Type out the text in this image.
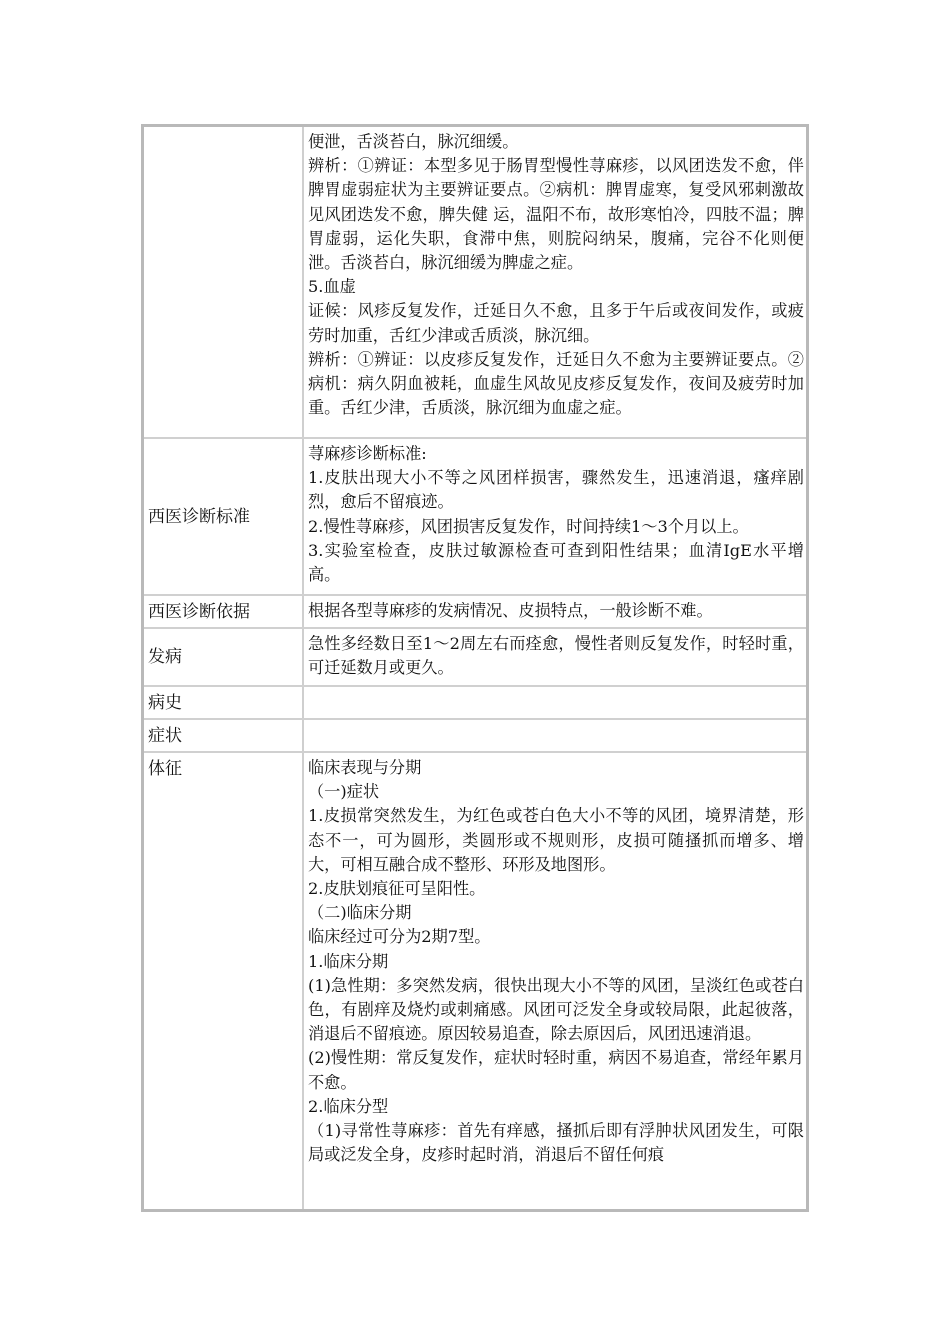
便泄，舌淡苔白，脉沉细缓。

辨析：①辨证：本型多见于肠胃型慢性荨麻疹，以风团迭发不愈，伴脾胃虚弱症状为主要辨证要点。②病机：脾胃虚寒，复受风邪刺激故见风团迭发不愈，脾失健 运，温阳不布，故形寒怕冷，四肢不温；脾胃虚弱，运化失职，食滞中焦，则脘闷纳呆，腹痛，完谷不化则便泄。舌淡苔白，脉沉细缓为脾虚之症。

5.血虚

证候：风疹反复发作，迁延日久不愈，且多于午后或夜间发作，或疲劳时加重，舌红少津或舌质淡，脉沉细。

辨析：①辨证：以皮疹反复发作，迁延日久不愈为主要辨证要点。②病机：病久阴血被耗，血虚生风故见皮疹反复发作，夜间及疲劳时加重。舌红少津，舌质淡，脉沉细为血虚之症。

西医诊断标准

荨麻疹诊断标准:

1.皮肤出现大小不等之风团样损害，骤然发生，迅速消退，瘙痒剧烈，愈后不留痕迹。

2.慢性荨麻疹，风团损害反复发作，时间持续1～3个月以上。

3.实验室检查，皮肤过敏源检查可查到阳性结果；血清IgE水平增高。

西医诊断依据	根据各型荨麻疹的发病情况、皮损特点，一般诊断不难。

发病

急性多经数日至1～2周左右而痊愈，慢性者则反复发作，时轻时重，可迁延数月或更久。

病史
症状
体征	临床表现与分期

（一)症状

1.皮损常突然发生，为红色或苍白色大小不等的风团，境界清楚，形态不一，可为圆形，类圆形或不规则形，皮损可随搔抓而增多、增大，可相互融合成不整形、环形及地图形。

2.皮肤划痕征可呈阳性。

（二)临床分期

临床经过可分为2期7型。

1.临床分期

(1)急性期：多突然发病，很快出现大小不等的风团，呈淡红色或苍白色，有剧痒及烧灼或刺痛感。风团可泛发全身或较局限，此起彼落，消退后不留痕迹。原因较易追查，除去原因后，风团迅速消退。

(2)慢性期：常反复发作，症状时轻时重，病因不易追查，常经年累月不愈。

2.临床分型

（1)寻常性荨麻疹：首先有痒感，搔抓后即有浮肿状风团发生，可限局或泛发全身，皮疹时起时消，消退后不留任何痕
